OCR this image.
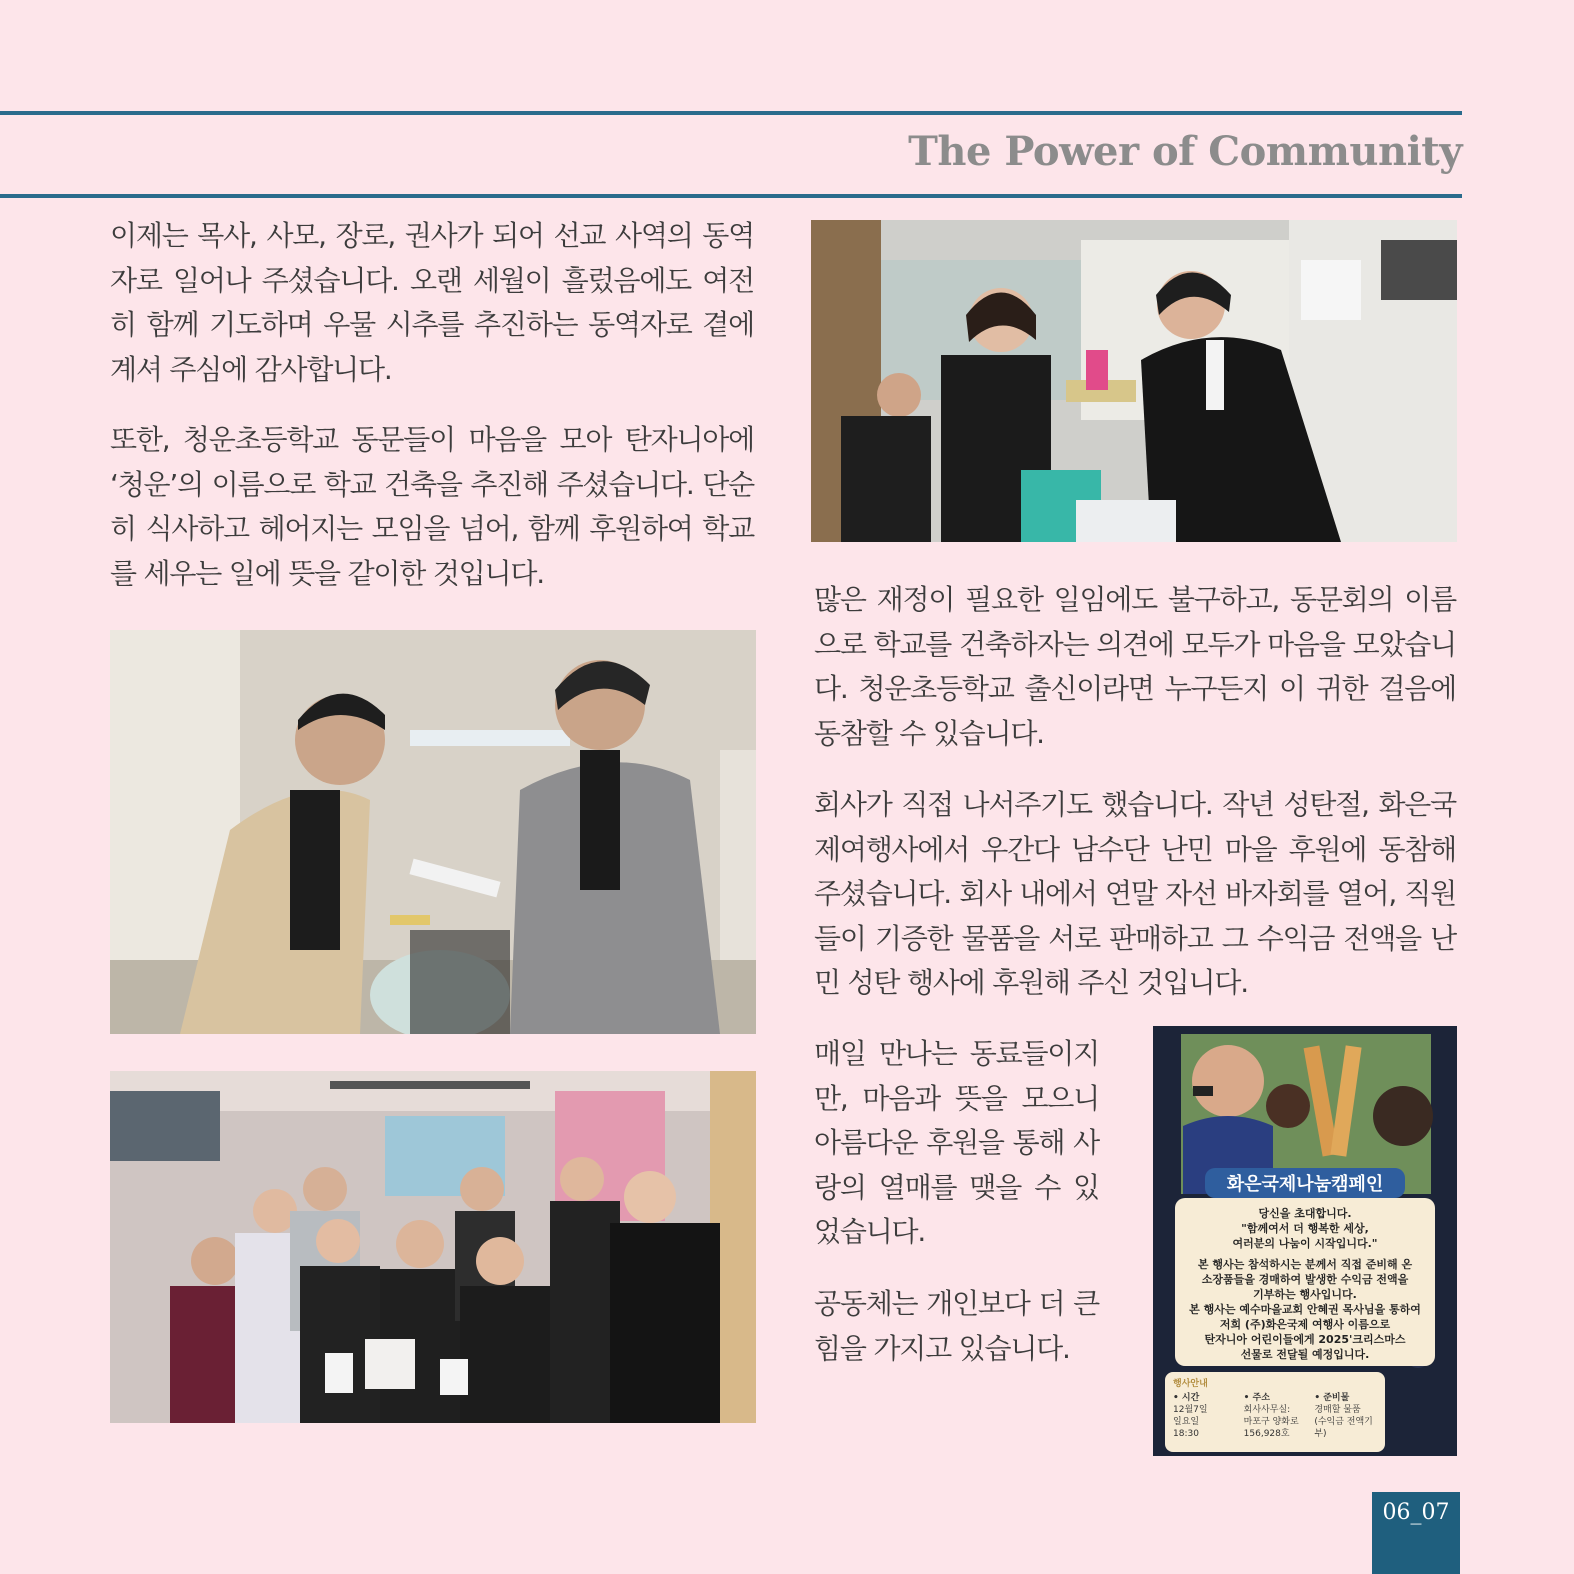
The Power of Community

이제는 목사, 사모, 장로, 권사가 되어 선교 사역의 동역자로 일어나 주셨습니다. 오랜 세월이 흘렀음에도 여전히 함께 기도하며 우물 시추를 추진하는 동역자로 곁에 계셔 주심에 감사합니다.

또한, 청운초등학교 동문들이 마음을 모아 탄자니아에 ‘청운’의 이름으로 학교 건축을 추진해 주셨습니다. 단순히 식사하고 헤어지는 모임을 넘어, 함께 후원하여 학교를 세우는 일에 뜻을 같이한 것입니다.

많은 재정이 필요한 일임에도 불구하고, 동문회의 이름으로 학교를 건축하자는 의견에 모두가 마음을 모았습니다. 청운초등학교 출신이라면 누구든지 이 귀한 걸음에 동참할 수 있습니다.

회사가 직접 나서주기도 했습니다. 작년 성탄절, 화은국제여행사에서 우간다 남수단 난민 마을 후원에 동참해 주셨습니다. 회사 내에서 연말 자선 바자회를 열어, 직원들이 기증한 물품을 서로 판매하고 그 수익금 전액을 난민 성탄 행사에 후원해 주신 것입니다.

매일 만나는 동료들이지만, 마음과 뜻을 모으니 아름다운 후원을 통해 사랑의 열매를 맺을 수 있었습니다.

공동체는 개인보다 더 큰 힘을 가지고 있습니다.

화은국제나눔캠페인

당신을 초대합니다.
"함께여서 더 행복한 세상,
여러분의 나눔이 시작입니다."

본 행사는 참석하시는 분께서 직접 준비해 온
소장품들을 경매하여 발생한 수익금 전액을
기부하는 행사입니다.
본 행사는 예수마을교회 안혜권 목사님을 통하여
저희 (주)화은국제 여행사 이름으로
탄자니아 어린이들에게 2025'크리스마스
선물로 전달될 예정입니다.

행사안내
• 시간
12월7일
일요일
18:30
• 주소
회사사무실:
마포구 양화로
156,928호
• 준비물
경매할 물품
(수익금 전액기부)
06_07
